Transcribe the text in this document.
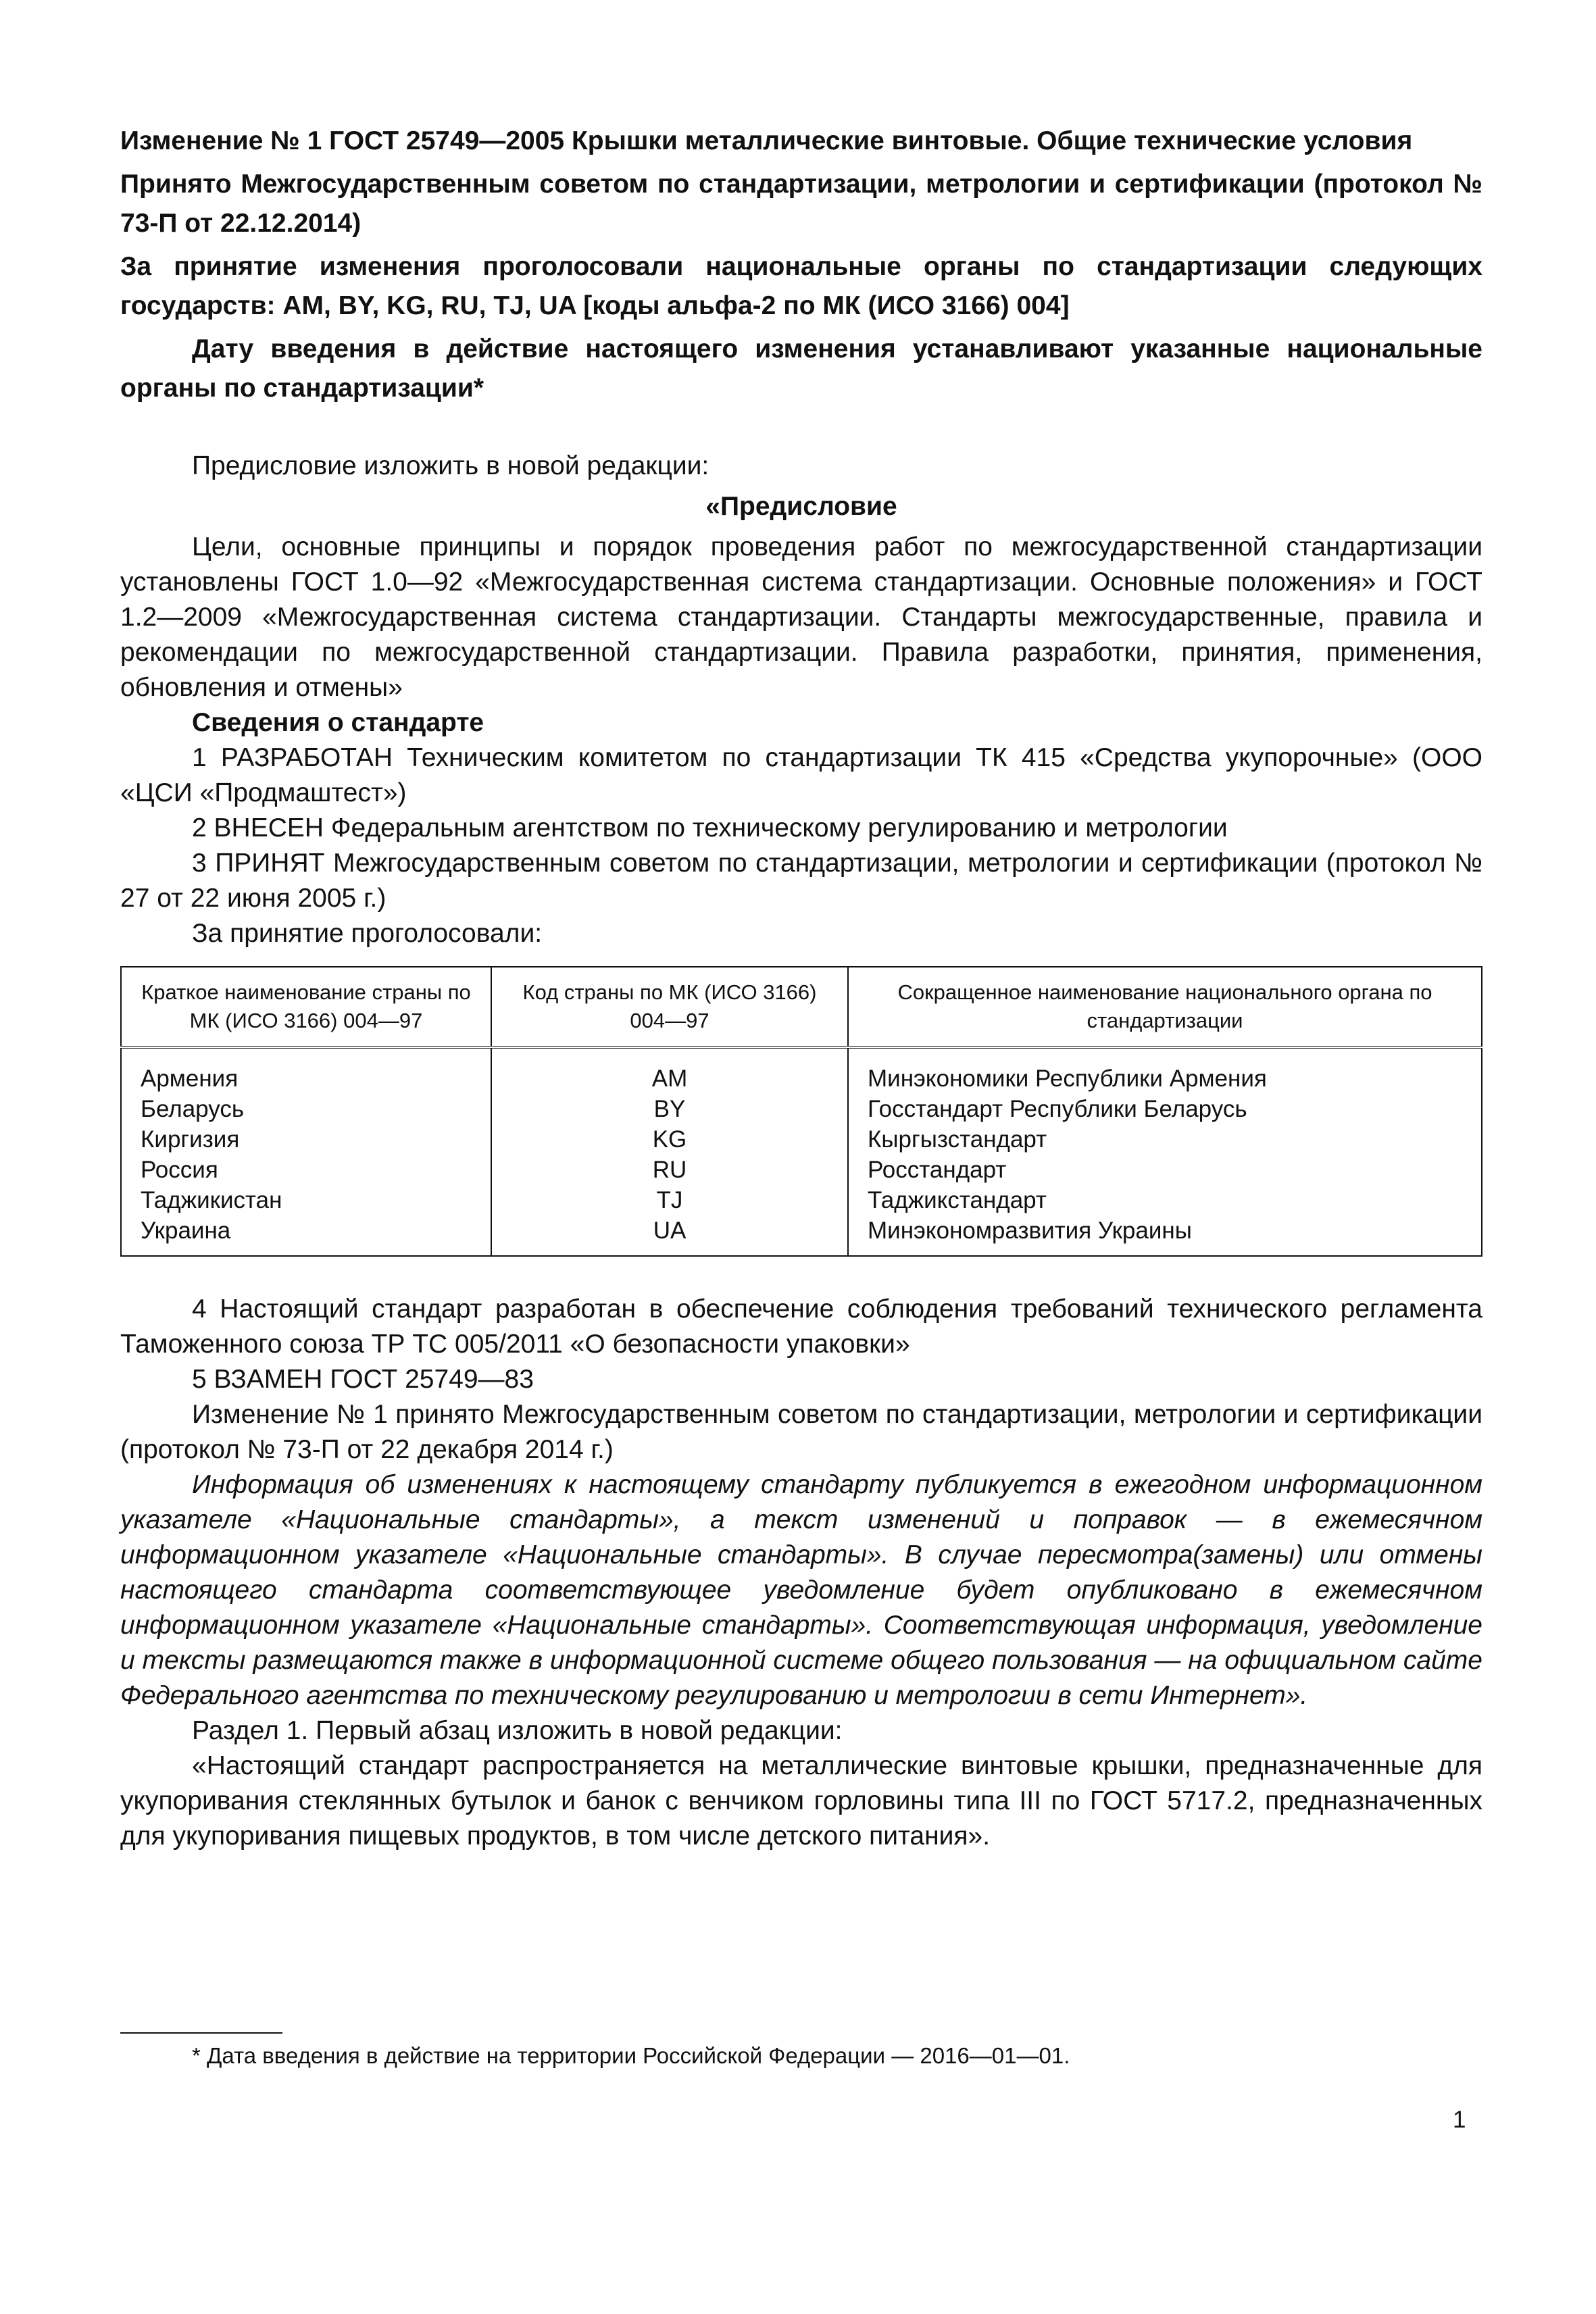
Изменение № 1 ГОСТ 25749—2005 Крышки металлические винтовые. Общие технические условия

Принято Межгосударственным советом по стандартизации, метрологии и сертификации (протокол № 73-П от 22.12.2014)

За принятие изменения проголосовали национальные органы по стандартизации следующих государств: AM, BY, KG, RU, TJ, UA [коды альфа-2 по МК (ИСО 3166) 004]

Дату введения в действие настоящего изменения устанавливают указанные национальные органы по стандартизации*

Предисловие изложить в новой редакции:

«Предисловие

Цели, основные принципы и порядок проведения работ по межгосударственной стандартизации установлены ГОСТ 1.0—92 «Межгосударственная система стандартизации. Основные положения» и ГОСТ 1.2—2009 «Межгосударственная система стандартизации. Стандарты межгосударственные, правила и рекомендации по межгосударственной стандартизации. Правила разработки, принятия, применения, обновления и отмены»

Сведения о стандарте

1 РАЗРАБОТАН Техническим комитетом по стандартизации ТК 415 «Средства укупорочные» (ООО «ЦСИ «Продмаштест»)

2 ВНЕСЕН Федеральным агентством по техническому регулированию и метрологии

3 ПРИНЯТ Межгосударственным советом по стандартизации, метрологии и сертификации (протокол № 27 от 22 июня 2005 г.)

За принятие проголосовали:

Краткое наименование страны по МК (ИСО 3166) 004—97	Код страны по МК (ИСО 3166) 004—97	Сокращенное наименование национального органа по стандартизации
Армения	AM	Минэкономики Республики Армения
Беларусь	BY	Госстандарт Республики Беларусь
Киргизия	KG	Кыргызстандарт
Россия	RU	Росстандарт
Таджикистан	TJ	Таджикстандарт
Украина	UA	Минэкономразвития Украины

4 Настоящий стандарт разработан в обеспечение соблюдения требований технического регламента Таможенного союза ТР ТС 005/2011 «О безопасности упаковки»

5 ВЗАМЕН ГОСТ 25749—83

Изменение № 1 принято Межгосударственным советом по стандартизации, метрологии и сертификации (протокол № 73-П от 22 декабря 2014 г.)

Информация об изменениях к настоящему стандарту публикуется в ежегодном информационном указателе «Национальные стандарты», а текст изменений и поправок — в ежемесячном информационном указателе «Национальные стандарты». В случае пересмотра(замены) или отмены настоящего стандарта соответствующее уведомление будет опубликовано в ежемесячном информационном указателе «Национальные стандарты». Соответствующая информация, уведомление и тексты размещаются также в информационной системе общего пользования — на официальном сайте Федерального агентства по техническому регулированию и метрологии в сети Интернет».

Раздел 1. Первый абзац изложить в новой редакции:

«Настоящий стандарт распространяется на металлические винтовые крышки, предназначенные для укупоривания стеклянных бутылок и банок с венчиком горловины типа III по ГОСТ 5717.2, предназначенных для укупоривания пищевых продуктов, в том числе детского питания».

* Дата введения в действие на территории Российской Федерации — 2016—01—01.

1
